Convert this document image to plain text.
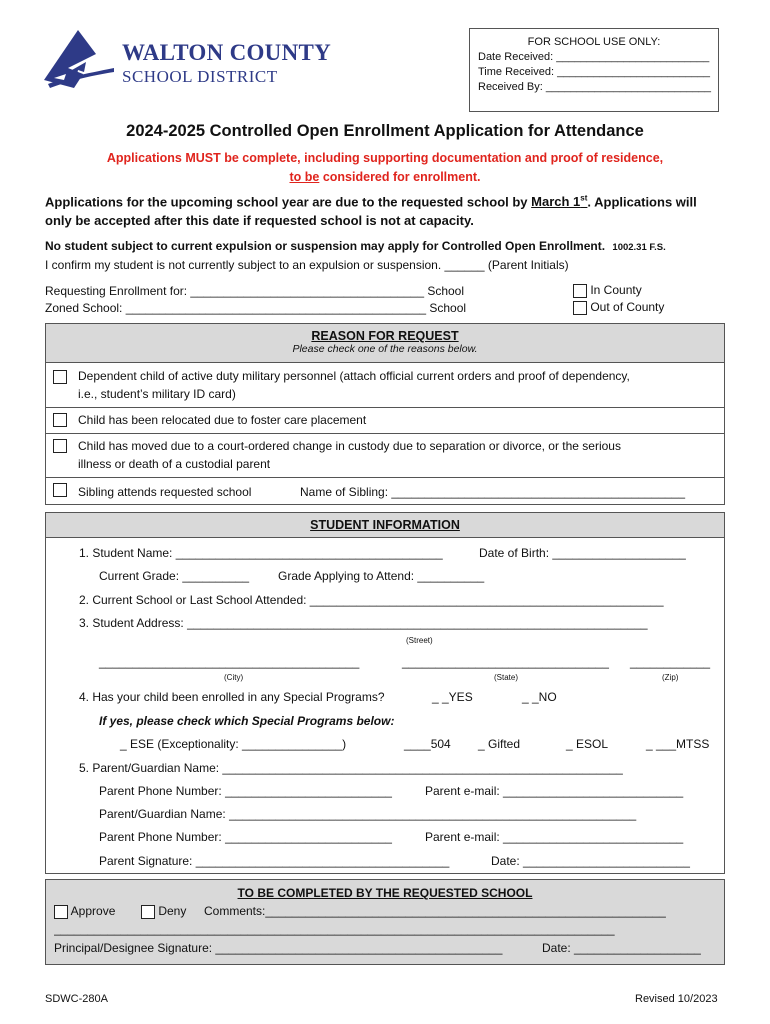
WALTON COUNTY
SCHOOL DISTRICT
FOR SCHOOL USE ONLY:
Date Received: _________________________
Time Received: _________________________
Received By: ___________________________
2024-2025 Controlled Open Enrollment Application for Attendance
Applications MUST be complete, including supporting documentation and proof of residence,
to be considered for enrollment.
Applications for the upcoming school year are due to the requested school by March 1st. Applications will
only be accepted after this date if requested school is not at capacity.
No student subject to current expulsion or suspension may apply for Controlled Open Enrollment. 1002.31 F.S.
I confirm my student is not currently subject to an expulsion or suspension. ______ (Parent Initials)
Requesting Enrollment for: ___________________________________ School
Zoned School: _____________________________________________ School
In County
Out of County
REASON FOR REQUEST
Please check one of the reasons below.
Dependent child of active duty military personnel (attach official current orders and proof of dependency,
i.e., student’s military ID card)
Child has been relocated due to foster care placement
Child has moved due to a court-ordered change in custody due to separation or divorce, or the serious
illness or death of a custodial parent
Sibling attends requested school	Name of Sibling: ____________________________________________
STUDENT INFORMATION
1. Student Name: ________________________________________	Date of Birth: ____________________
Current Grade: __________ Grade Applying to Attend: __________
2. Current School or Last School Attended: _____________________________________________________
3. Student Address: _____________________________________________________________________
(Street)
_______________________________________	_______________________________ ____________
(City)	(State)	(Zip)
4. Has your child been enrolled in any Special Programs?	_ _YES	_ _NO
If yes, please check which Special Programs below:
_ ESE (Exceptionality: _______________)	____504 _ Gifted	_ ESOL	_ ___MTSS
5. Parent/Guardian Name: ____________________________________________________________
Parent Phone Number: _________________________	Parent e-mail: ___________________________
Parent/Guardian Name: _____________________________________________________________
Parent Phone Number: _________________________	Parent e-mail: ___________________________
Parent Signature: ______________________________________	Date: _________________________
TO BE COMPLETED BY THE REQUESTED SCHOOL
Approve	Deny Comments:____________________________________________________________
____________________________________________________________________________________
Principal/Designee Signature: ___________________________________________	Date: ___________________
SDWC-280A	Revised 10/2023
